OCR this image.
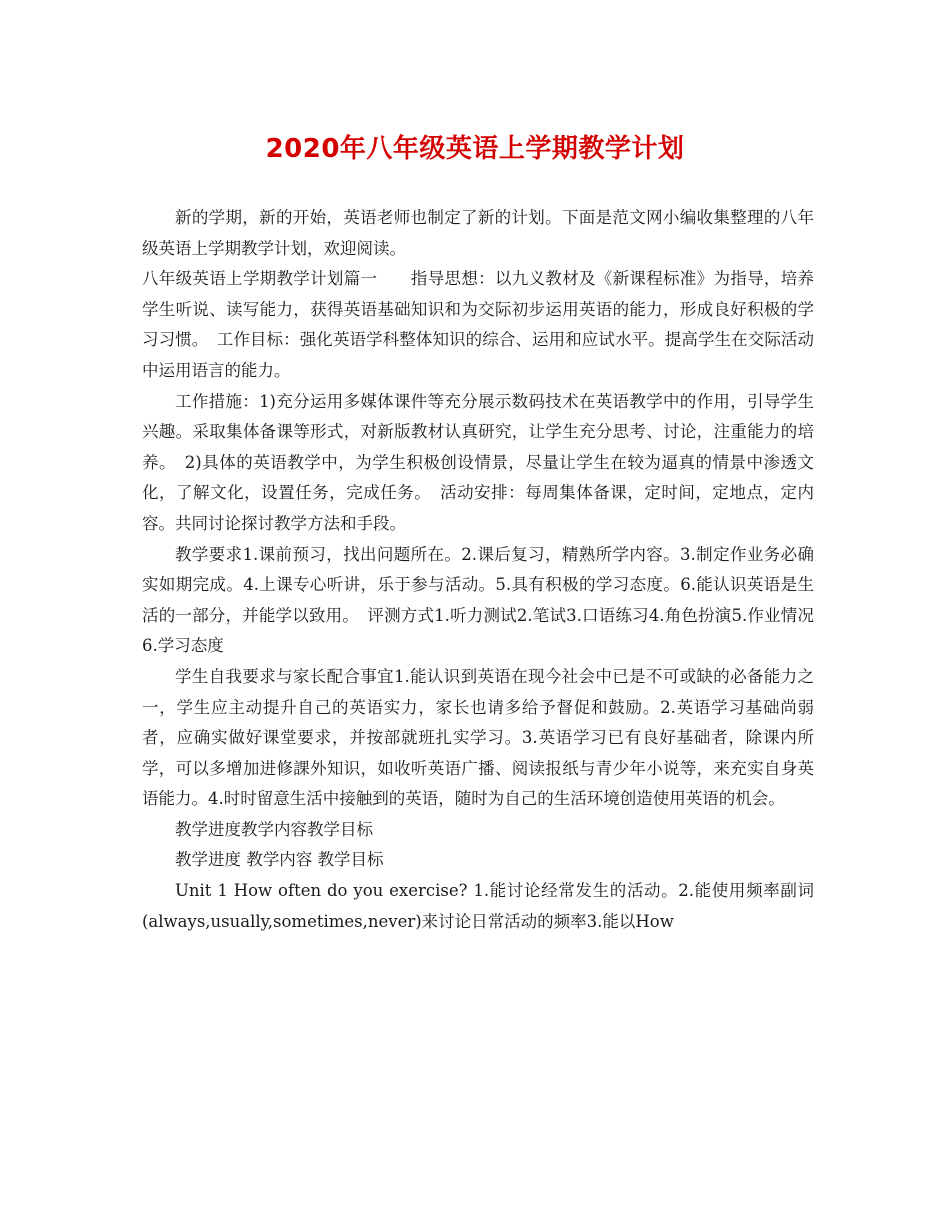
2020年八年级英语上学期教学计划

新的学期，新的开始，英语老师也制定了新的计划。下面是范文网小编收集整理的八年级英语上学期教学计划，欢迎阅读。

八年级英语上学期教学计划篇一　　指导思想：以九义教材及《新课程标准》为指导，培养学生听说、读写能力，获得英语基础知识和为交际初步运用英语的能力，形成良好积极的学习习惯。　工作目标：强化英语学科整体知识的综合、运用和应试水平。提高学生在交际活动中运用语言的能力。

工作措施：1)充分运用多媒体课件等充分展示数码技术在英语教学中的作用，引导学生兴趣。采取集体备课等形式，对新版教材认真研究，让学生充分思考、讨论，注重能力的培养。　2)具体的英语教学中，为学生积极创设情景，尽量让学生在较为逼真的情景中渗透文化，了解文化，设置任务，完成任务。　活动安排：每周集体备课，定时间，定地点，定内容。共同讨论探讨教学方法和手段。

教学要求1.课前预习，找出问题所在。2.课后复习，精熟所学内容。3.制定作业务必确实如期完成。4.上课专心听讲，乐于参与活动。5.具有积极的学习态度。6.能认识英语是生活的一部分，并能学以致用。　评测方式1.听力测试2.笔试3.口语练习4.角色扮演5.作业情况6.学习态度

学生自我要求与家长配合事宜1.能认识到英语在现今社会中已是不可或缺的必备能力之一，学生应主动提升自己的英语实力，家长也请多给予督促和鼓励。2.英语学习基础尚弱者，应确实做好课堂要求，并按部就班扎实学习。3.英语学习已有良好基础者，除课内所学，可以多增加进修課外知识，如收听英语广播、阅读报纸与青少年小说等，来充实自身英语能力。4.时时留意生活中接触到的英语，随时为自己的生活环境创造使用英语的机会。

教学进度教学内容教学目标

教学进度 教学内容 教学目标

Unit 1 How often do you exercise? 1.能讨论经常发生的活动。2.能使用频率副词(always,usually,sometimes,never)来讨论日常活动的频率3.能以How
